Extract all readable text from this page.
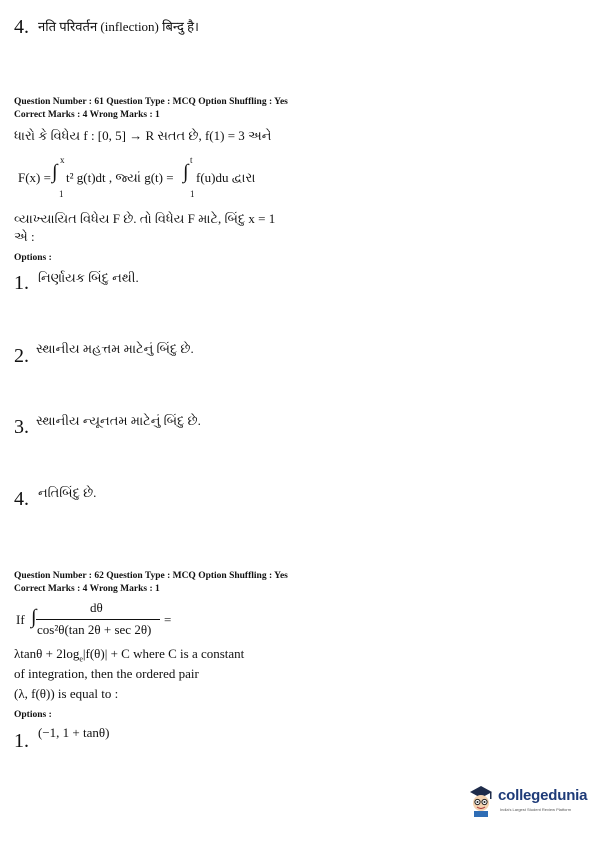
4. नति परिवर्तन (inflection) बिन्दु है।
Question Number : 61 Question Type : MCQ Option Shuffling : Yes
Correct Marks : 4 Wrong Marks : 1
ધારો કે વિધેય f : [0, 5] → R સતત છે, f(1) = 3 અને
F(x) =
x
∫
1
t² g(t)dt , જ્યાં g(t) =
t
∫
1
f(u)du દ્વારા
વ્યાખ્યાયિત વિધેય F છે. તો વિધેય F માટે, બિંદુ x = 1
એ :
Options :
1. નિર્ણાયક બિંદુ નથી.
2. સ્થાનીય મહત્તમ માટેનું બિંદુ છે.
3. સ્થાનીય ન્યૂનતમ માટેનું બિંદુ છે.
4. નતિબિંદુ છે.
Question Number : 62 Question Type : MCQ Option Shuffling : Yes
Correct Marks : 4 Wrong Marks : 1
If ∫	dθ
cos²θ(tan 2θ + sec 2θ)
=
$\lambda\tan\theta + 2\log_e|f(\theta)| + C$ where C is a constant
of integration, then the ordered pair
(λ, f(θ)) is equal to :
Options :
1. (−1, 1 + tanθ)
collegedunia
India's Largest Student Review Platform
